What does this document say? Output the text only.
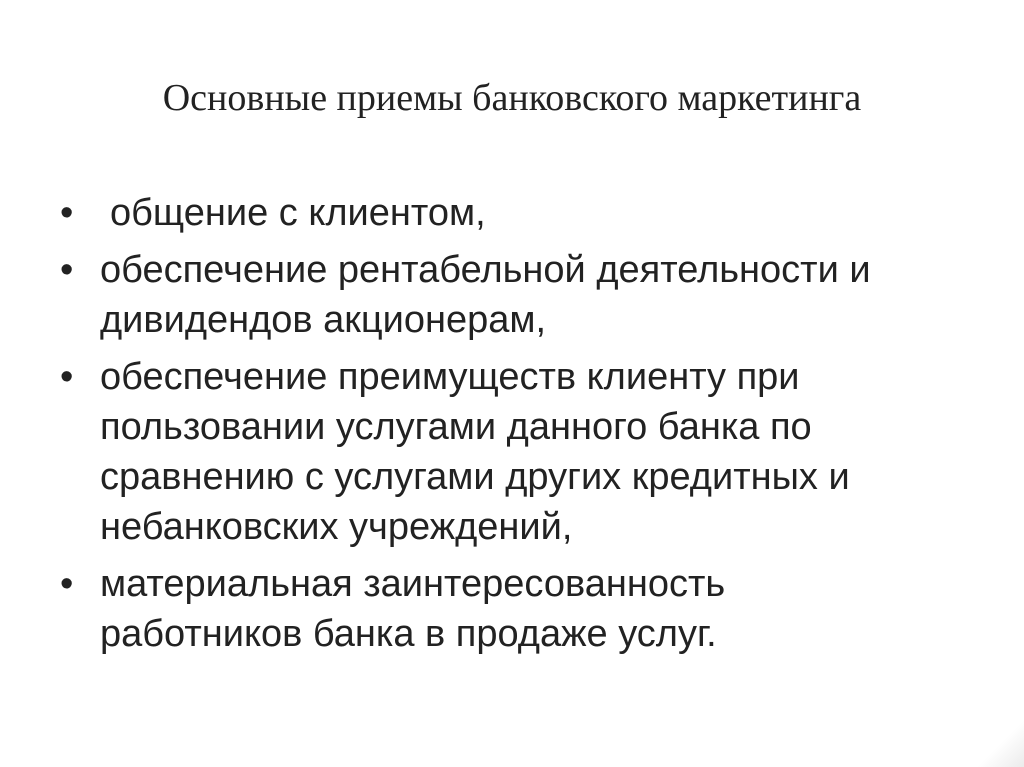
Основные приемы банковского маркетинга
• общение с клиентом,
• обеспечение рентабельной деятельности и
дивидендов акционерам,
• обеспечение преимуществ клиенту при
пользовании услугами данного банка по
сравнению с услугами других кредитных и
небанковских учреждений,
• материальная заинтересованность
работников банка в продаже услуг.
